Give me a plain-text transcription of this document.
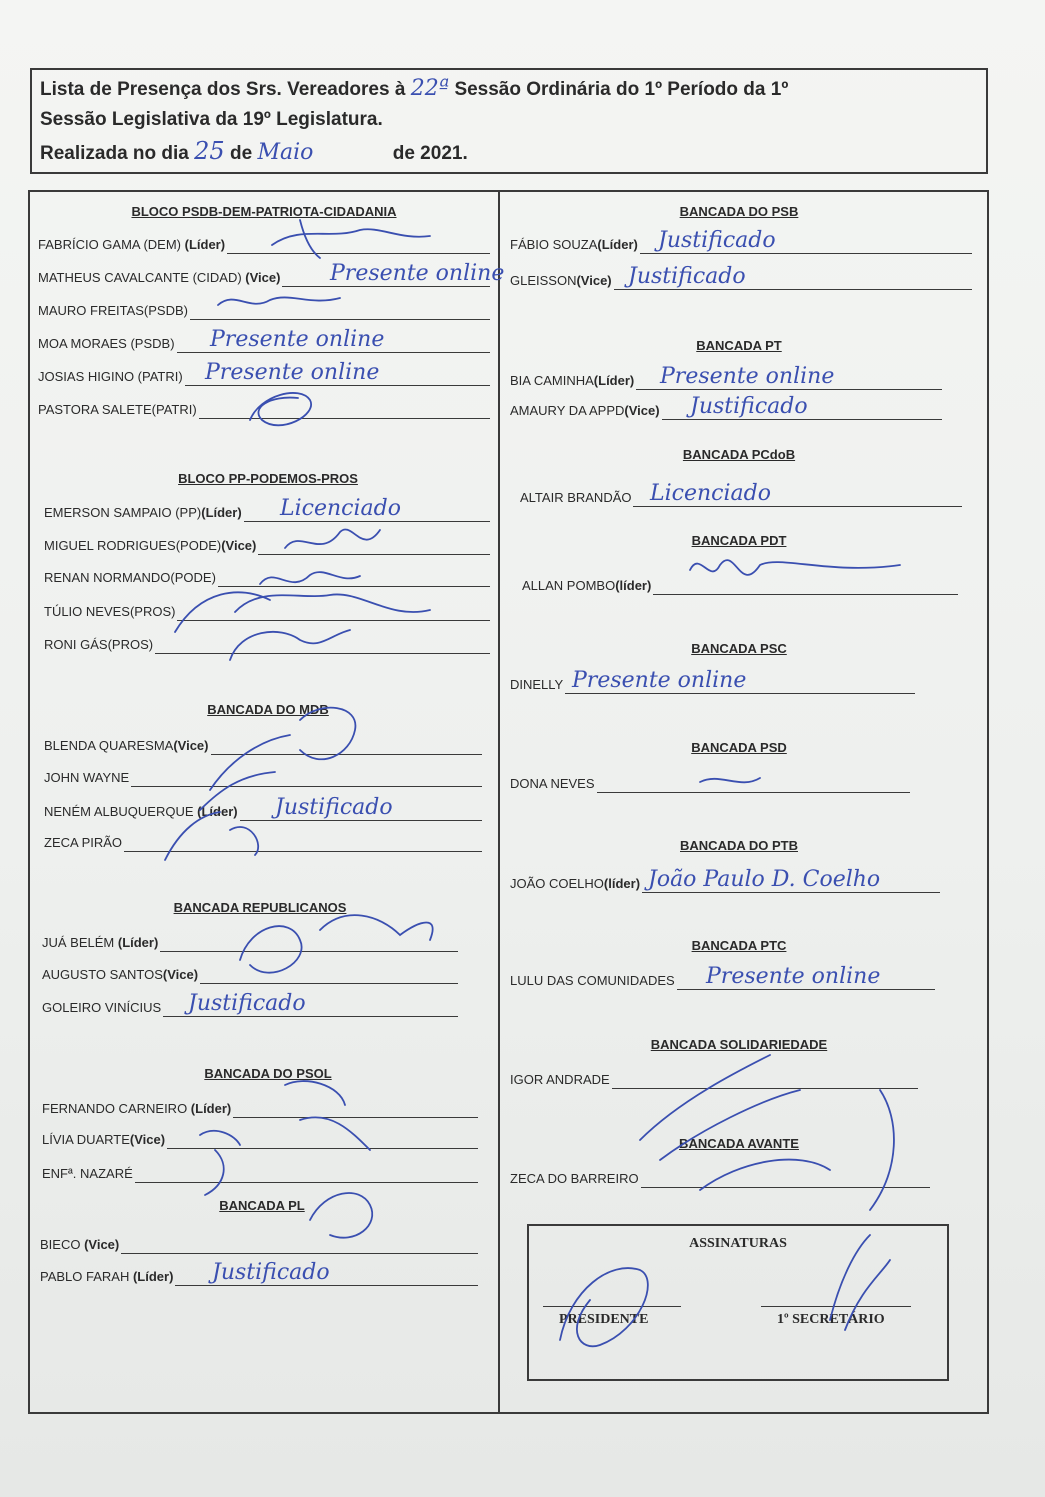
Lista de Presença dos Srs. Vereadores à 22ª Sessão Ordinária do 1º Período da 1º
Sessão Legislativa da 19º Legislatura.
Realizada no dia 25 de Maio	de 2021.
BLOCO PSDB-DEM-PATRIOTA-CIDADANIA
FABRÍCIO GAMA (DEM) (Líder)
MATHEUS CAVALCANTE (CIDAD) (Vice) Presente online
MAURO FREITAS(PSDB)
MOA MORAES (PSDB) Presente online
JOSIAS HIGINO (PATRI) Presente online
PASTORA SALETE(PATRI)
BLOCO PP-PODEMOS-PROS
EMERSON SAMPAIO (PP)(Líder) Licenciado
MIGUEL RODRIGUES(PODE)(Vice)
RENAN NORMANDO(PODE)
TÚLIO NEVES(PROS)
RONI GÁS(PROS)
BANCADA DO MDB
BLENDA QUARESMA(Vice)
JOHN WAYNE
NENÉM ALBUQUERQUE (Líder) Justificado
ZECA PIRÃO
BANCADA REPUBLICANOS
JUÁ BELÉM (Líder)
AUGUSTO SANTOS(Vice)
GOLEIRO VINÍCIUS Justificado
BANCADA DO PSOL
FERNANDO CARNEIRO (Líder)
LÍVIA DUARTE(Vice)
ENFª. NAZARÉ
BANCADA PL
BIECO (Vice)
PABLO FARAH (Líder) Justificado
BANCADA DO PSB
FÁBIO SOUZA(Líder) Justificado
GLEISSON(Vice) Justificado
BANCADA PT
BIA CAMINHA(Líder) Presente online
AMAURY DA APPD(Vice) Justificado
BANCADA PCdoB
ALTAIR BRANDÃO Licenciado
BANCADA PDT
ALLAN POMBO(líder)
BANCADA PSC
DINELLY Presente online
BANCADA PSD
DONA NEVES
BANCADA DO PTB
JOÃO COELHO(líder) João Paulo D. Coelho
BANCADA PTC
LULU DAS COMUNIDADES Presente online
BANCADA SOLIDARIEDADE
IGOR ANDRADE
BANCADA AVANTE
ZECA DO BARREIRO
ASSINATURAS
PRESIDENTE	1º SECRETÁRIO
